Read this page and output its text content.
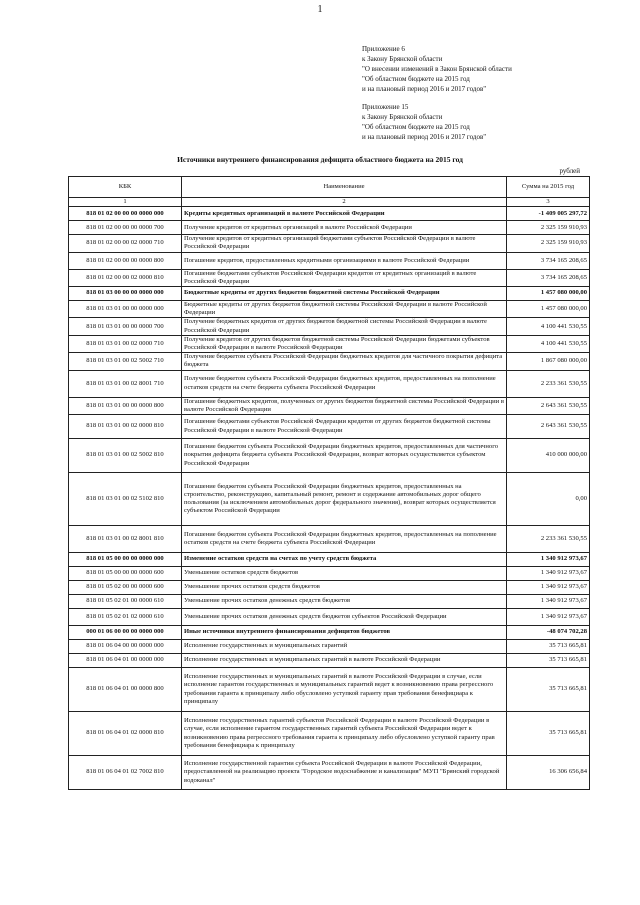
1
Приложение 6
к Закону Брянской области
"О внесении изменений в Закон Брянской области
"Об областном бюджете на 2015 год
и на плановый период 2016 и 2017 годов"
Приложение 15
к Закону Брянской области
"Об областном бюджете на 2015 год
и на плановый период 2016 и 2017 годов"
Источники внутреннего финансирования дефицита областного бюджета на 2015 год
рублей
КБК	Наименование	Сумма на 2015 год
1	2	3
818 01 02 00 00 00 0000 000	Кредиты кредитных организаций в валюте Российской Федерации	-1 409 005 297,72
818 01 02 00 00 00 0000 700	Получение кредитов от кредитных организаций в валюте Российской Федерации	2 325 159 910,93
818 01 02 00 00 02 0000 710	Получение кредитов от кредитных организаций бюджетами субъектов Российской Федерации в валюте Российской Федерации	2 325 159 910,93
818 01 02 00 00 00 0000 800	Погашение кредитов, предоставленных кредитными организациями в валюте Российской Федерации	3 734 165 208,65
818 01 02 00 00 02 0000 810	Погашение бюджетами субъектов Российской Федерации кредитов от кредитных организаций в валюте Российской Федерации	3 734 165 208,65
818 01 03 00 00 00 0000 000	Бюджетные кредиты от других бюджетов бюджетной системы Российской Федерации	1 457 080 000,00
818 01 03 01 00 00 0000 000	Бюджетные кредиты от других бюджетов бюджетной системы Российской Федерации в валюте Российской Федерации	1 457 080 000,00
818 01 03 01 00 00 0000 700	Получение бюджетных кредитов от других бюджетов бюджетной системы Российской Федерации в валюте Российской Федерации	4 100 441 530,55
818 01 03 01 00 02 0000 710	Получение кредитов от других бюджетов бюджетной системы Российской Федерации бюджетами субъектов Российской Федерации в валюте Российской Федерации	4 100 441 530,55
818 01 03 01 00 02 5002 710	Получение бюджетом субъекта Российской Федерации бюджетных кредитов для частичного покрытия дефицита бюджета	1 867 080 000,00
818 01 03 01 00 02 8001 710	Получение бюджетом субъекта Российской Федерации бюджетных кредитов, предоставленных на пополнение остатков средств на счете бюджета субъекта Российской Федерации	2 233 361 530,55
818 01 03 01 00 00 0000 800	Погашение бюджетных кредитов, полученных от других бюджетов бюджетной системы Российской Федерации в валюте Российской Федерации	2 643 361 530,55
818 01 03 01 00 02 0000 810	Погашение бюджетами субъектов Российской Федерации кредитов от других бюджетов бюджетной системы Российской Федерации в валюте Российской Федерации	2 643 361 530,55
818 01 03 01 00 02 5002 810	Погашение бюджетом субъекта Российской Федерации бюджетных кредитов, предоставленных для частичного покрытия дефицита бюджета субъекта Российской Федерации, возврат которых осуществляется субъектом Российской Федерации	410 000 000,00
818 01 03 01 00 02 5102 810	Погашение бюджетом субъекта Российской Федерации бюджетных кредитов, предоставленных на строительство, реконструкцию, капитальный ремонт, ремонт и содержание автомобильных дорог общего пользования (за исключением автомобильных дорог федерального значения), возврат которых осуществляется субъектом Российской Федерации	0,00
818 01 03 01 00 02 8001 810	Погашение бюджетом субъекта Российской Федерации бюджетных кредитов, предоставленных на пополнение остатков средств на счете бюджета субъекта Российской Федерации	2 233 361 530,55
818 01 05 00 00 00 0000 000	Изменение остатков средств на счетах по учету средств бюджета	1 340 912 973,67
818 01 05 00 00 00 0000 600	Уменьшение остатков средств бюджетов	1 340 912 973,67
818 01 05 02 00 00 0000 600	Уменьшение прочих остатков средств бюджетов	1 340 912 973,67
818 01 05 02 01 00 0000 610	Уменьшение прочих остатков денежных средств бюджетов	1 340 912 973,67
818 01 05 02 01 02 0000 610	Уменьшение прочих остатков денежных средств бюджетов субъектов Российской Федерации	1 340 912 973,67
000 01 06 00 00 00 0000 000	Иные источники внутреннего финансирования дефицитов бюджетов	-48 074 702,28
818 01 06 04 00 00 0000 000	Исполнение государственных и муниципальных гарантий	35 713 665,81
818 01 06 04 01 00 0000 000	Исполнение государственных и муниципальных гарантий в валюте Российской Федерации	35 713 665,81
818 01 06 04 01 00 0000 800	Исполнение государственных и муниципальных гарантий в валюте Российской Федерации в случае, если исполнение гарантом государственных и муниципальных гарантий ведет к возникновению права регрессного требования гаранта к принципалу либо обусловлено уступкой гаранту прав требования бенефициара к принципалу	35 713 665,81
818 01 06 04 01 02 0000 810	Исполнение государственных гарантий субъектов Российской Федерации в валюте Российской Федерации в случае, если исполнение гарантом государственных гарантий субъекта Российской Федерации ведет к возникновению права регрессного требования гаранта к принципалу либо обусловлено уступкой гаранту прав требования бенефициара к принципалу	35 713 665,81
818 01 06 04 01 02 7002 810	Исполнение государственной гарантии субъекта Российской Федерации в валюте Российской Федерации, предоставленной на реализацию проекта "Городское водоснабжение и канализация" МУП "Брянский городской водоканал"	16 306 656,84
